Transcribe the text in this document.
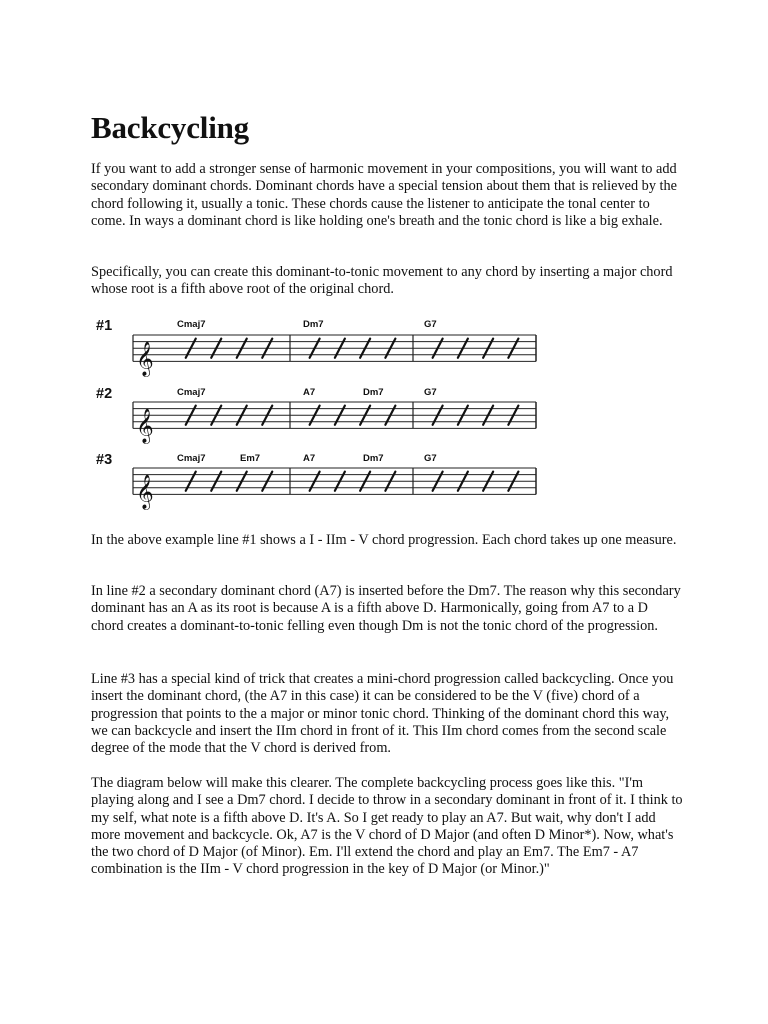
Backcycling

If you want to add a stronger sense of harmonic movement in your compositions, you will want to add secondary dominant chords. Dominant chords have a special tension about them that is relieved by the chord following it, usually a tonic. These chords cause the listener to anticipate the tonal center to come. In ways a dominant chord is like holding one's breath and the tonic chord is like a big exhale.

Specifically, you can create this dominant-to-tonic movement to any chord by inserting a major chord whose root is a fifth above root of the original chord.

#1
𝄞
Cmaj7	Dm7	G7
#2
𝄞
Cmaj7	A7	Dm7	G7
#3
𝄞
Cmaj7	Em7	A7	Dm7	G7

In the above example line #1 shows a I - IIm - V chord progression. Each chord takes up one measure.

In line #2 a secondary dominant chord (A7) is inserted before the Dm7. The reason why this secondary dominant has an A as its root is because A is a fifth above D. Harmonically, going from A7 to a D chord creates a dominant-to-tonic felling even though Dm is not the tonic chord of the progression.

Line #3 has a special kind of trick that creates a mini-chord progression called backcycling. Once you insert the dominant chord, (the A7 in this case) it can be considered to be the V (five) chord of a progression that points to the a major or minor tonic chord. Thinking of the dominant chord this way, we can backcycle and insert the IIm chord in front of it. This IIm chord comes from the second scale degree of the mode that the V chord is derived from.

The diagram below will make this clearer. The complete backcycling process goes like this. "I'm playing along and I see a Dm7 chord. I decide to throw in a secondary dominant in front of it. I think to my self, what note is a fifth above D. It's A. So I get ready to play an A7. But wait, why don't I add more movement and backcycle. Ok, A7 is the V chord of D Major (and often D Minor*). Now, what's the two chord of D Major (of Minor). Em. I'll extend the chord and play an Em7. The Em7 - A7 combination is the IIm - V chord progression in the key of D Major (or Minor.)"
